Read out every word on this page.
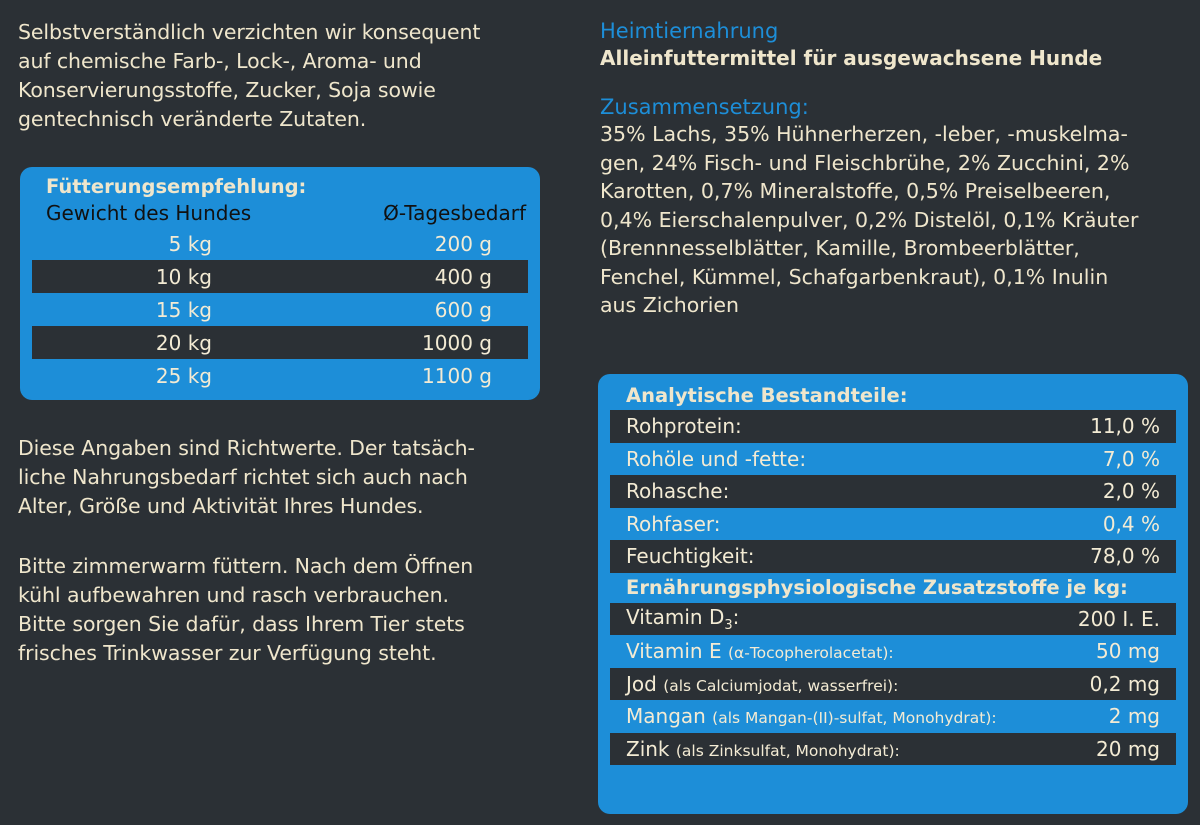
Selbstverständlich verzichten wir konsequent

auf chemische Farb-, Lock-, Aroma- und

Konservierungsstoffe, Zucker, Soja sowie

gentechnisch veränderte Zutaten.

Fütterungsempfehlung:
Gewicht des Hundes	Ø-Tagesbedarf
5 kg	200 g
10 kg	400 g
15 kg	600 g
20 kg	1000 g
25 kg	1100 g

Diese Angaben sind Richtwerte. Der tatsäch-

liche Nahrungsbedarf richtet sich auch nach

Alter, Größe und Aktivität Ihres Hundes.

Bitte zimmerwarm füttern. Nach dem Öffnen

kühl aufbewahren und rasch verbrauchen.

Bitte sorgen Sie dafür, dass Ihrem Tier stets

frisches Trinkwasser zur Verfügung steht.

Heimtiernahrung
Alleinfuttermittel für ausgewachsene Hunde
Zusammensetzung:

35% Lachs, 35% Hühnerherzen, -leber, -muskelma-

gen, 24% Fisch- und Fleischbrühe, 2% Zucchini, 2%

Karotten, 0,7% Mineralstoffe, 0,5% Preiselbeeren,

0,4% Eierschalenpulver, 0,2% Distelöl, 0,1% Kräuter

(Brennnesselblätter, Kamille, Brombeerblätter,

Fenchel, Kümmel, Schafgarbenkraut), 0,1% Inulin

aus Zichorien

Analytische Bestandteile:
Rohprotein:	11,0 %
Rohöle und -fette:	7,0 %
Rohasche:	2,0 %
Rohfaser:	0,4 %
Feuchtigkeit:	78,0 %
Ernährungsphysiologische Zusatzstoffe je kg:
Vitamin $D_3$:	200 I. E.
Vitamin E (α-Tocopherolacetat):	50 mg
Jod (als Calciumjodat, wasserfrei):	0,2 mg
Mangan (als Mangan-(II)-sulfat, Monohydrat):	2 mg
Zink (als Zinksulfat, Monohydrat):	20 mg
